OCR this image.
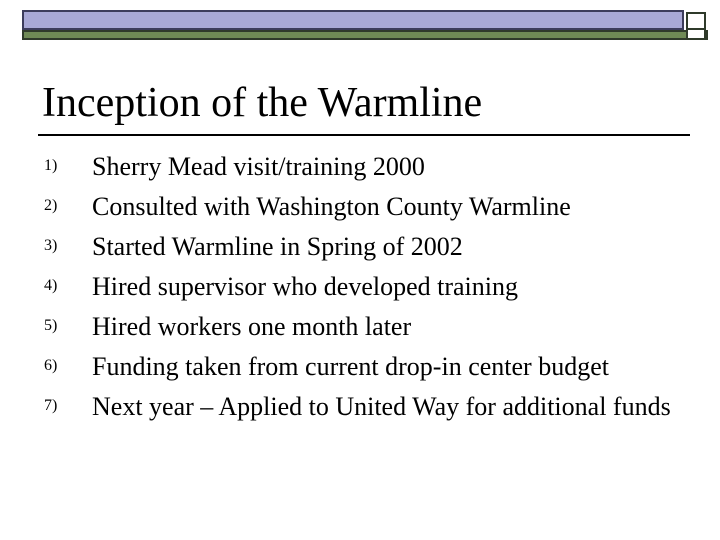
Inception of the Warmline
1)	Sherry Mead visit/training 2000
2)	Consulted with Washington County Warmline
3)	Started Warmline in Spring of 2002
4)	Hired supervisor who developed training
5)	Hired workers one month later
6)	Funding taken from current drop-in center budget
7)	Next year – Applied to United Way for additional funds
